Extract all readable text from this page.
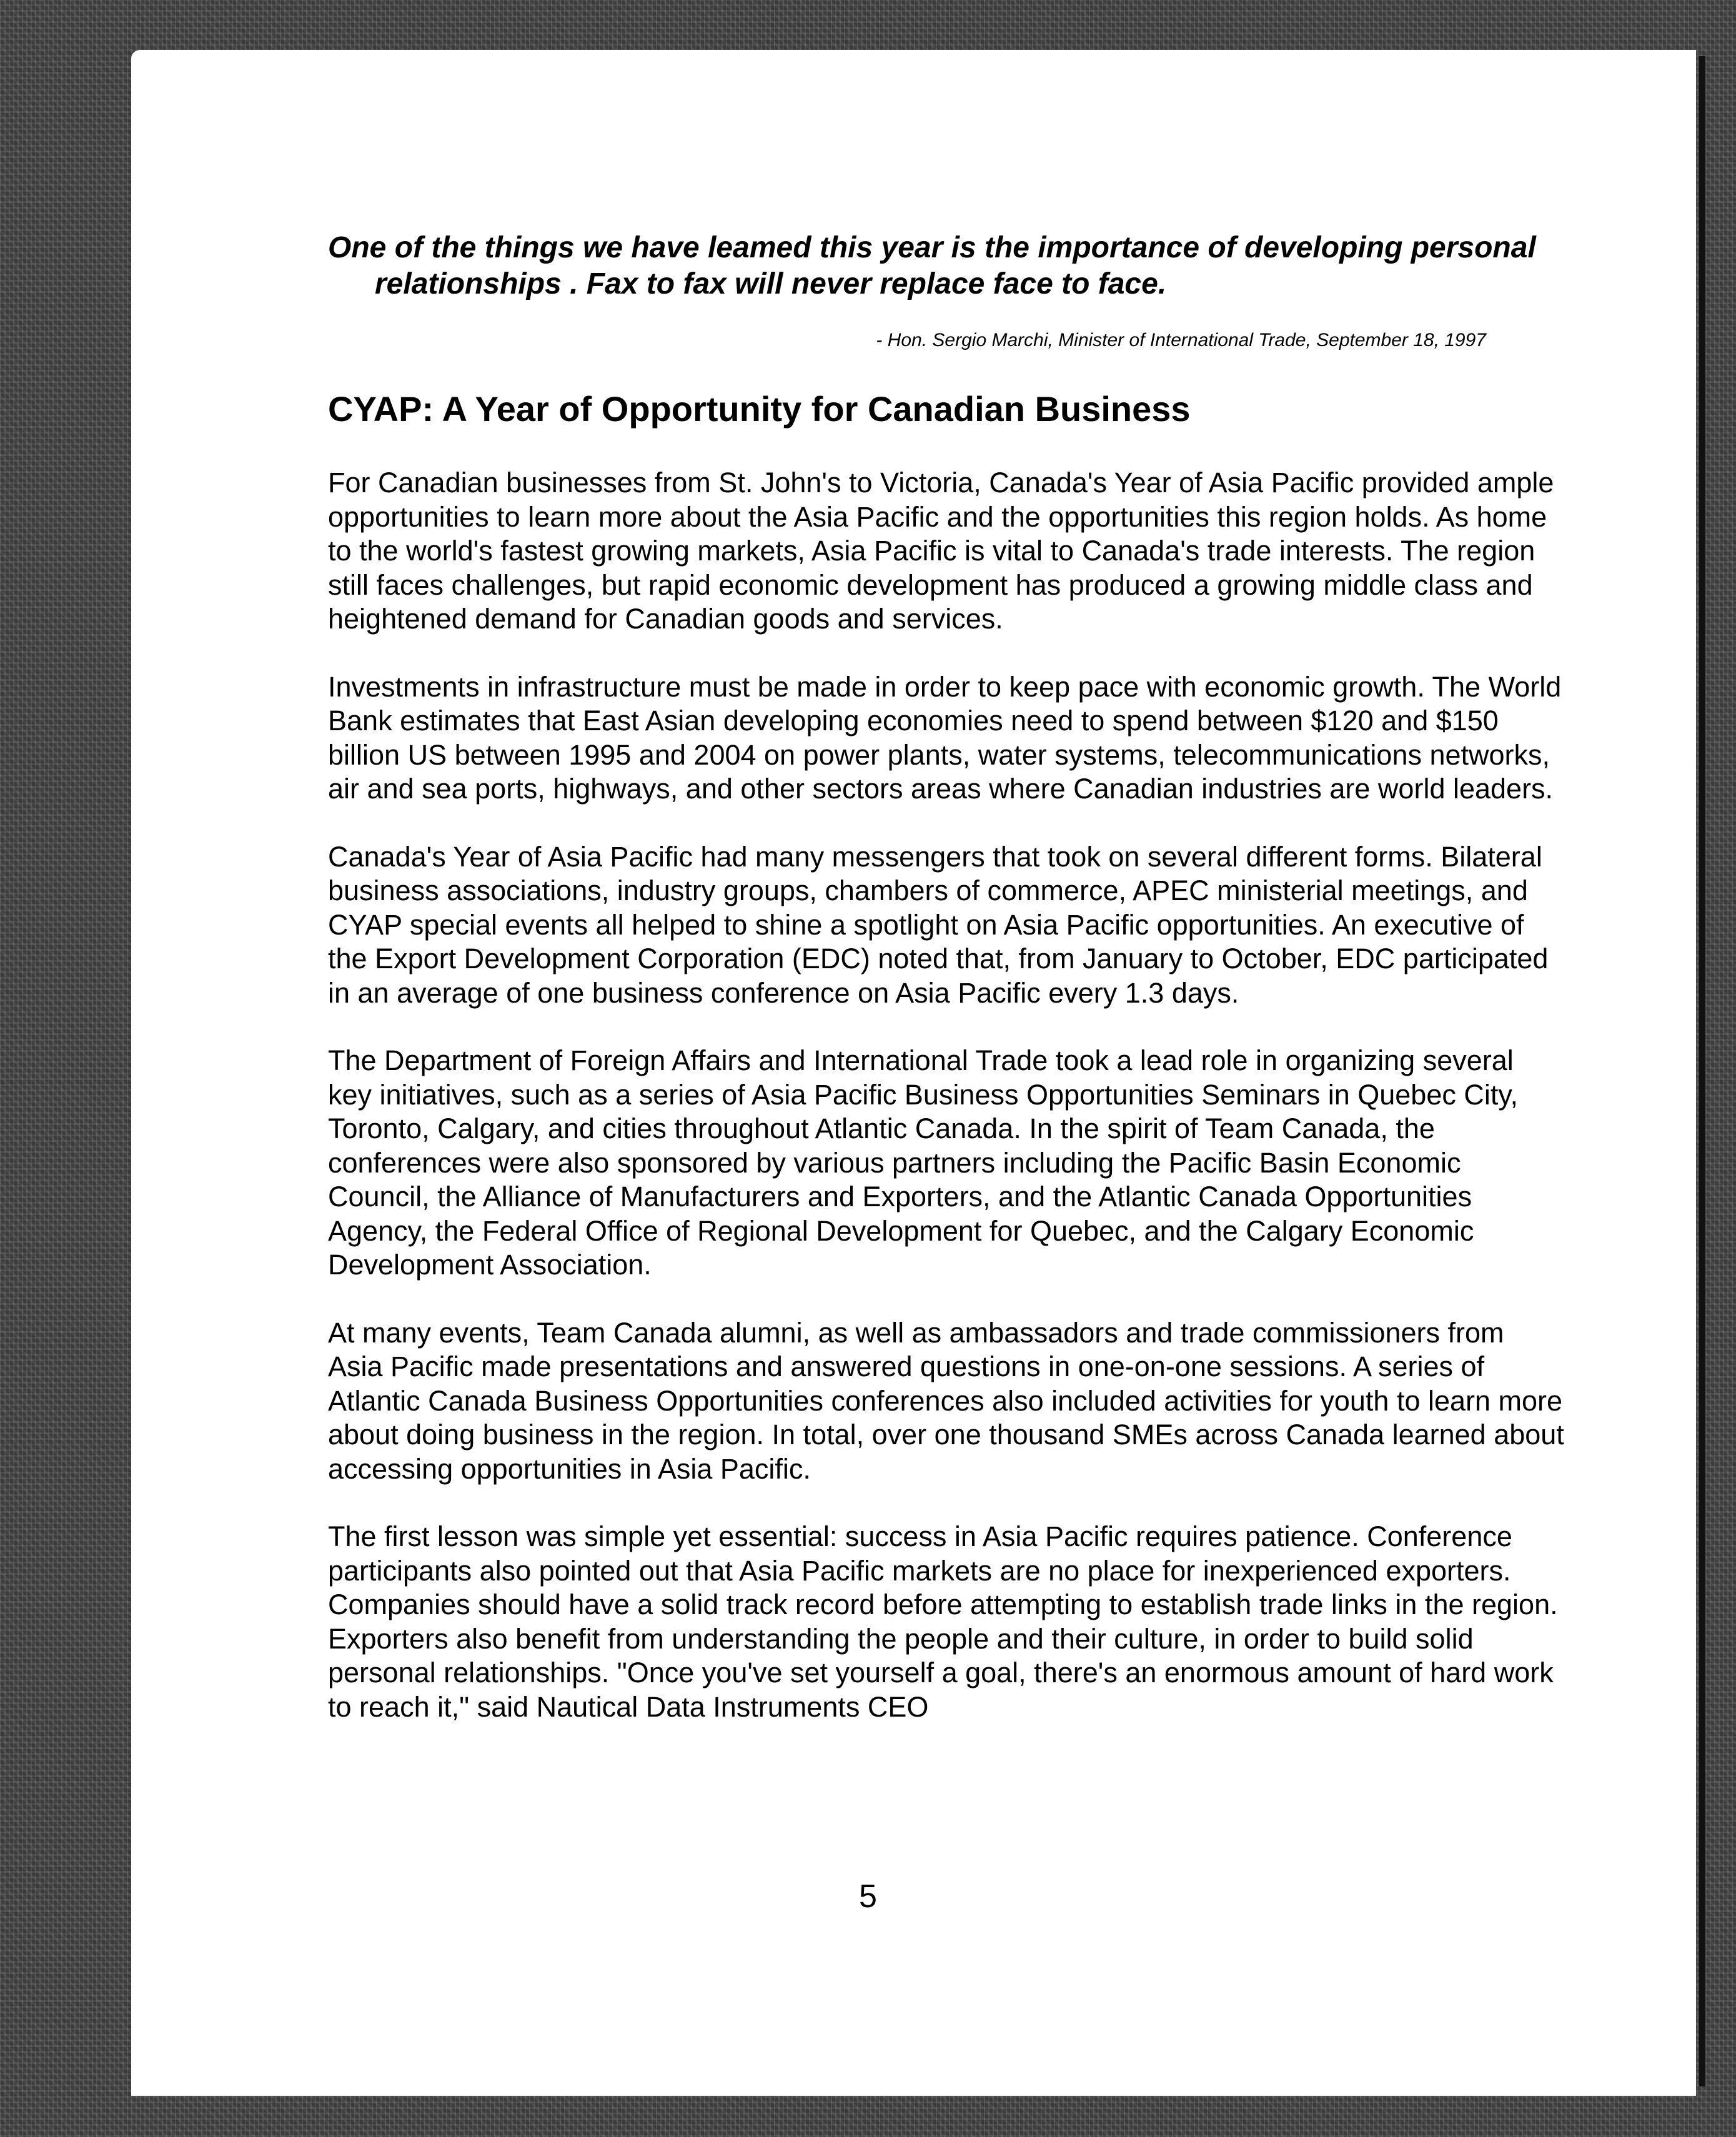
One of the things we have leamed this year is the importance of developing personal relationships . Fax to fax will never replace face to face.

- Hon. Sergio Marchi, Minister of International Trade, September 18, 1997
CYAP: A Year of Opportunity for Canadian Business

For Canadian businesses from St. John's to Victoria, Canada's Year of Asia Pacific provided ample opportunities to learn more about the Asia Pacific and the opportunities this region holds. As home to the world's fastest growing markets, Asia Pacific is vital to Canada's trade interests. The region still faces challenges, but rapid economic development has produced a growing middle class and heightened demand for Canadian goods and services.

Investments in infrastructure must be made in order to keep pace with economic growth. The World Bank estimates that East Asian developing economies need to spend between $120 and $150 billion US between 1995 and 2004 on power plants, water systems, telecommunications networks, air and sea ports, highways, and other sectors areas where Canadian industries are world leaders.

Canada's Year of Asia Pacific had many messengers that took on several different forms. Bilateral business associations, industry groups, chambers of commerce, APEC ministerial meetings, and CYAP special events all helped to shine a spotlight on Asia Pacific opportunities. An executive of the Export Development Corporation (EDC) noted that, from January to October, EDC participated in an average of one business conference on Asia Pacific every 1.3 days.

The Department of Foreign Affairs and International Trade took a lead role in organizing several key initiatives, such as a series of Asia Pacific Business Opportunities Seminars in Quebec City, Toronto, Calgary, and cities throughout Atlantic Canada. In the spirit of Team Canada, the conferences were also sponsored by various partners including the Pacific Basin Economic Council, the Alliance of Manufacturers and Exporters, and the Atlantic Canada Opportunities Agency, the Federal Office of Regional Development for Quebec, and the Calgary Economic Development Association.

At many events, Team Canada alumni, as well as ambassadors and trade commissioners from Asia Pacific made presentations and answered questions in one-on-one sessions. A series of Atlantic Canada Business Opportunities conferences also included activities for youth to learn more about doing business in the region. In total, over one thousand SMEs across Canada learned about accessing opportunities in Asia Pacific.

The first lesson was simple yet essential: success in Asia Pacific requires patience. Conference participants also pointed out that Asia Pacific markets are no place for inexperienced exporters. Companies should have a solid track record before attempting to establish trade links in the region. Exporters also benefit from understanding the people and their culture, in order to build solid personal relationships. "Once you've set yourself a goal, there's an enormous amount of hard work to reach it," said Nautical Data Instruments CEO

5
